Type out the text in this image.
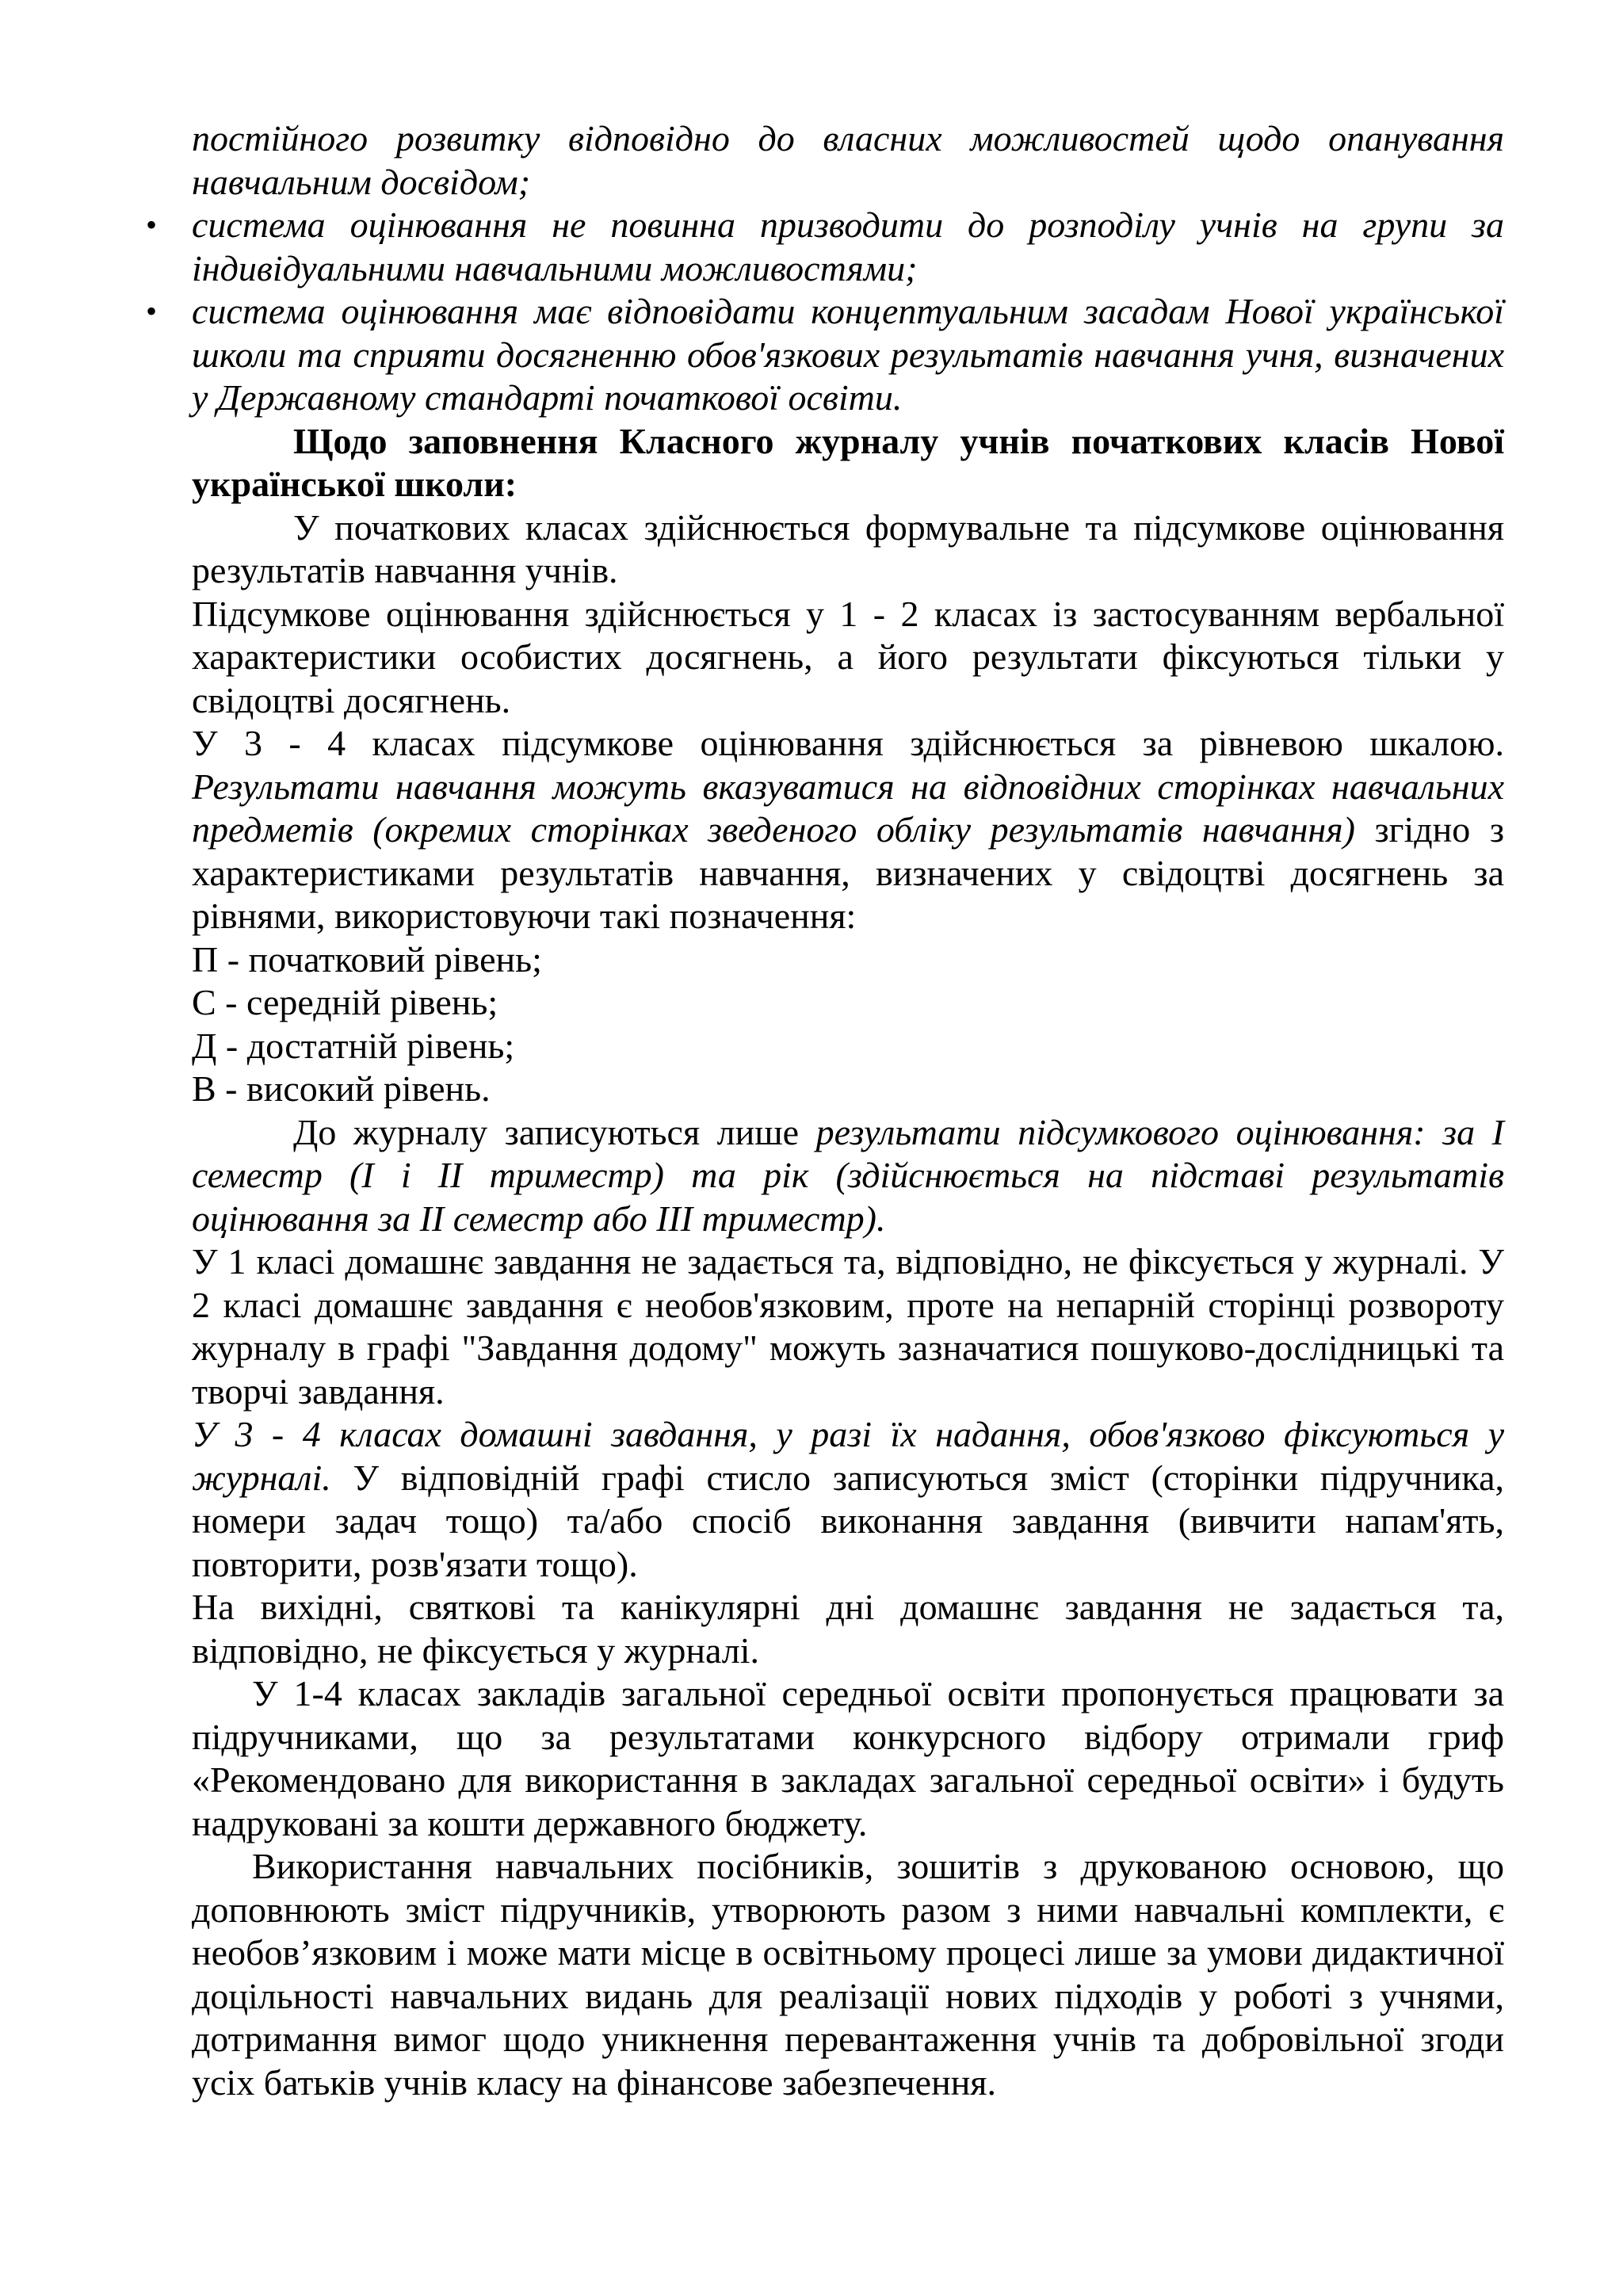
постійного розвитку відповідно до власних можливостей щодо опанування навчальним досвідом;

• система оцінювання не повинна призводити до розподілу учнів на групи за індивідуальними навчальними можливостями;
• система оцінювання має відповідати концептуальним засадам Нової української школи та сприяти досягненню обов'язкових результатів навчання учня, визначених у Державному стандарті початкової освіти.

Щодо заповнення Класного журналу учнів початкових класів Нової української школи:

У початкових класах здійснюється формувальне та підсумкове оцінювання результатів навчання учнів.

Підсумкове оцінювання здійснюється у 1 - 2 класах із застосуванням вербальної характеристики особистих досягнень, а його результати фіксуються тільки у свідоцтві досягнень.

У 3 - 4 класах підсумкове оцінювання здійснюється за рівневою шкалою. Результати навчання можуть вказуватися на відповідних сторінках навчальних предметів (окремих сторінках зведеного обліку результатів навчання) згідно з характеристиками результатів навчання, визначених у свідоцтві досягнень за рівнями, використовуючи такі позначення:

П - початковий рівень;

С - середній рівень;

Д - достатній рівень;

В - високий рівень.

До журналу записуються лише результати підсумкового оцінювання: за І семестр (І і ІІ триместр) та рік (здійснюється на підставі результатів оцінювання за ІІ семестр або ІІІ триместр).

У 1 класі домашнє завдання не задається та, відповідно, не фіксується у журналі. У 2 класі домашнє завдання є необов'язковим, проте на непарній сторінці розвороту журналу в графі "Завдання додому" можуть зазначатися пошуково-дослідницькі та творчі завдання.

У 3 - 4 класах домашні завдання, у разі їх надання, обов'язково фіксуються у журналі. У відповідній графі стисло записуються зміст (сторінки підручника, номери задач тощо) та/або спосіб виконання завдання (вивчити напам'ять, повторити, розв'язати тощо).

На вихідні, святкові та канікулярні дні домашнє завдання не задається та, відповідно, не фіксується у журналі.

У 1-4 класах закладів загальної середньої освіти пропонується працювати за підручниками, що за результатами конкурсного відбору отримали гриф «Рекомендовано для використання в закладах загальної середньої освіти» і будуть надруковані за кошти державного бюджету.

Використання навчальних посібників, зошитів з друкованою основою, що доповнюють зміст підручників, утворюють разом з ними навчальні комплекти, є необов’язковим і може мати місце в освітньому процесі лише за умови дидактичної доцільності навчальних видань для реалізації нових підходів у роботі з учнями, дотримання вимог щодо уникнення перевантаження учнів та добровільної згоди усіх батьків учнів класу на фінансове забезпечення.
